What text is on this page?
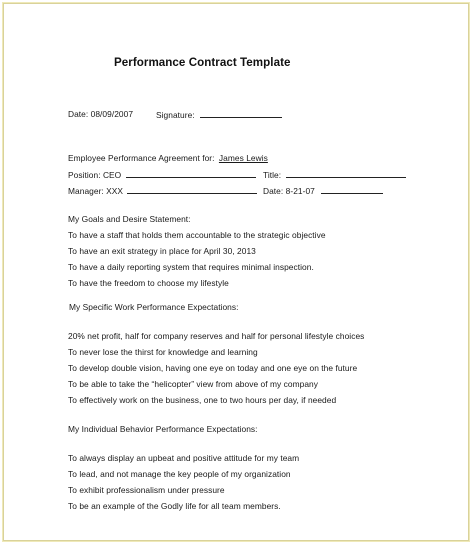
Performance Contract Template
Date: 08/09/2007	Signature:
Employee Performance Agreement for: James Lewis
Position: CEO	Title:
Manager: XXX	Date: 8-21-07
My Goals and Desire Statement:
To have a staff that holds them accountable to the strategic objective
To have an exit strategy in place for April 30, 2013
To have a daily reporting system that requires minimal inspection.
To have the freedom to choose my lifestyle
My Specific Work Performance Expectations:
20% net profit, half for company reserves and half for personal lifestyle choices
To never lose the thirst for knowledge and learning
To develop double vision, having one eye on today and one eye on the future
To be able to take the “helicopter” view from above of my company
To effectively work on the business, one to two hours per day, if needed
My Individual Behavior Performance Expectations:
To always display an upbeat and positive attitude for my team
To lead, and not manage the key people of my organization
To exhibit professionalism under pressure
To be an example of the Godly life for all team members.
